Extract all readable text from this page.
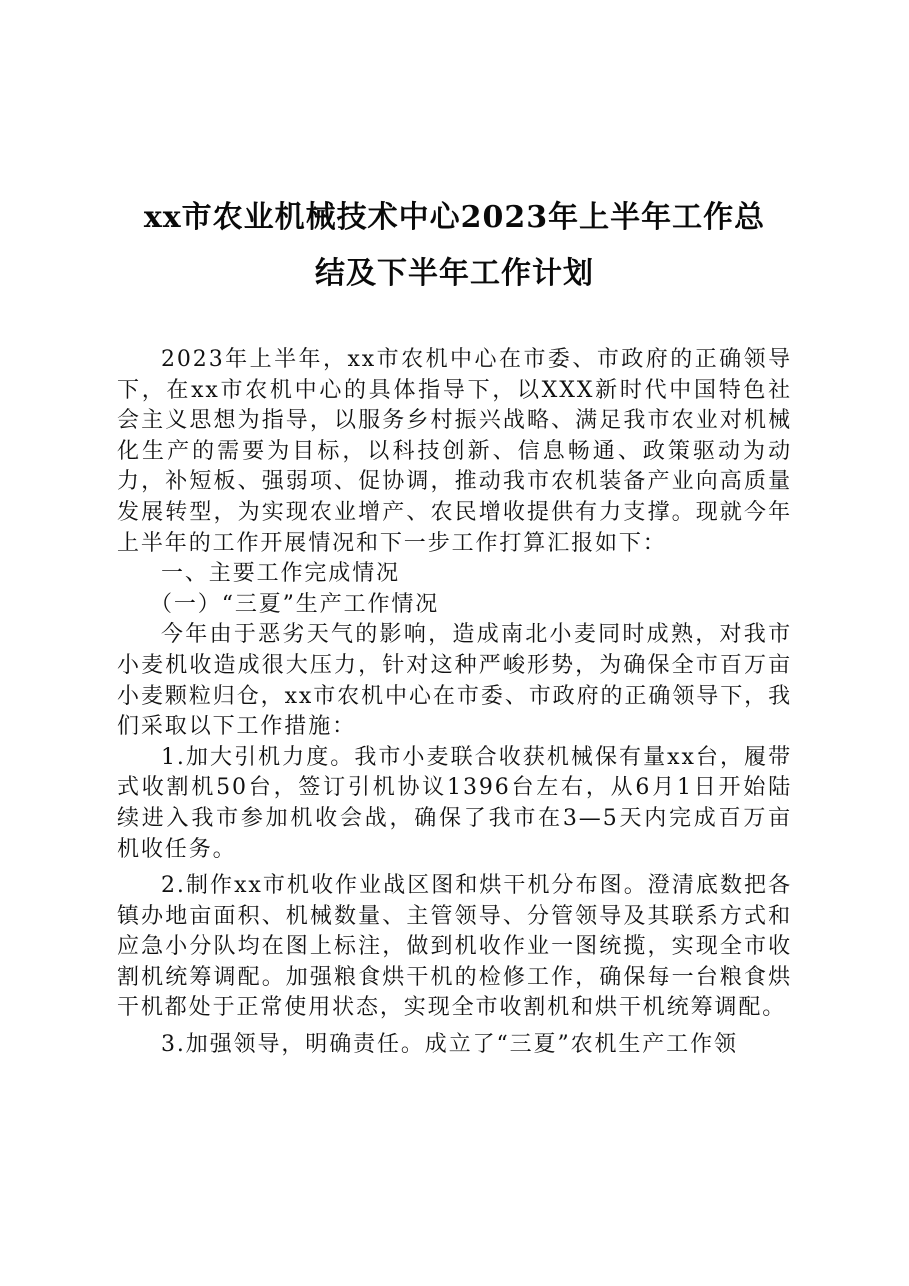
xx市农业机械技术中心2023年上半年工作总

结及下半年工作计划

2023年上半年，xx市农机中心在市委、市政府的正确领导下，在xx市农机中心的具体指导下，以XXX新时代中国特色社会主义思想为指导，以服务乡村振兴战略、满足我市农业对机械化生产的需要为目标，以科技创新、信息畅通、政策驱动为动力，补短板、强弱项、促协调，推动我市农机装备产业向高质量发展转型，为实现农业增产、农民增收提供有力支撑。现就今年上半年的工作开展情况和下一步工作打算汇报如下：

一、主要工作完成情况

（一）“三夏”生产工作情况

今年由于恶劣天气的影响，造成南北小麦同时成熟，对我市小麦机收造成很大压力，针对这种严峻形势，为确保全市百万亩小麦颗粒归仓，xx市农机中心在市委、市政府的正确领导下，我们采取以下工作措施：

1.加大引机力度。我市小麦联合收获机械保有量xx台，履带式收割机50台，签订引机协议1396台左右，从6月1日开始陆续进入我市参加机收会战，确保了我市在3—5天内完成百万亩机收任务。

2.制作xx市机收作业战区图和烘干机分布图。澄清底数把各镇办地亩面积、机械数量、主管领导、分管领导及其联系方式和应急小分队均在图上标注，做到机收作业一图统揽，实现全市收割机统筹调配。加强粮食烘干机的检修工作，确保每一台粮食烘干机都处于正常使用状态，实现全市收割机和烘干机统筹调配。

3.加强领导，明确责任。成立了“三夏”农机生产工作领
